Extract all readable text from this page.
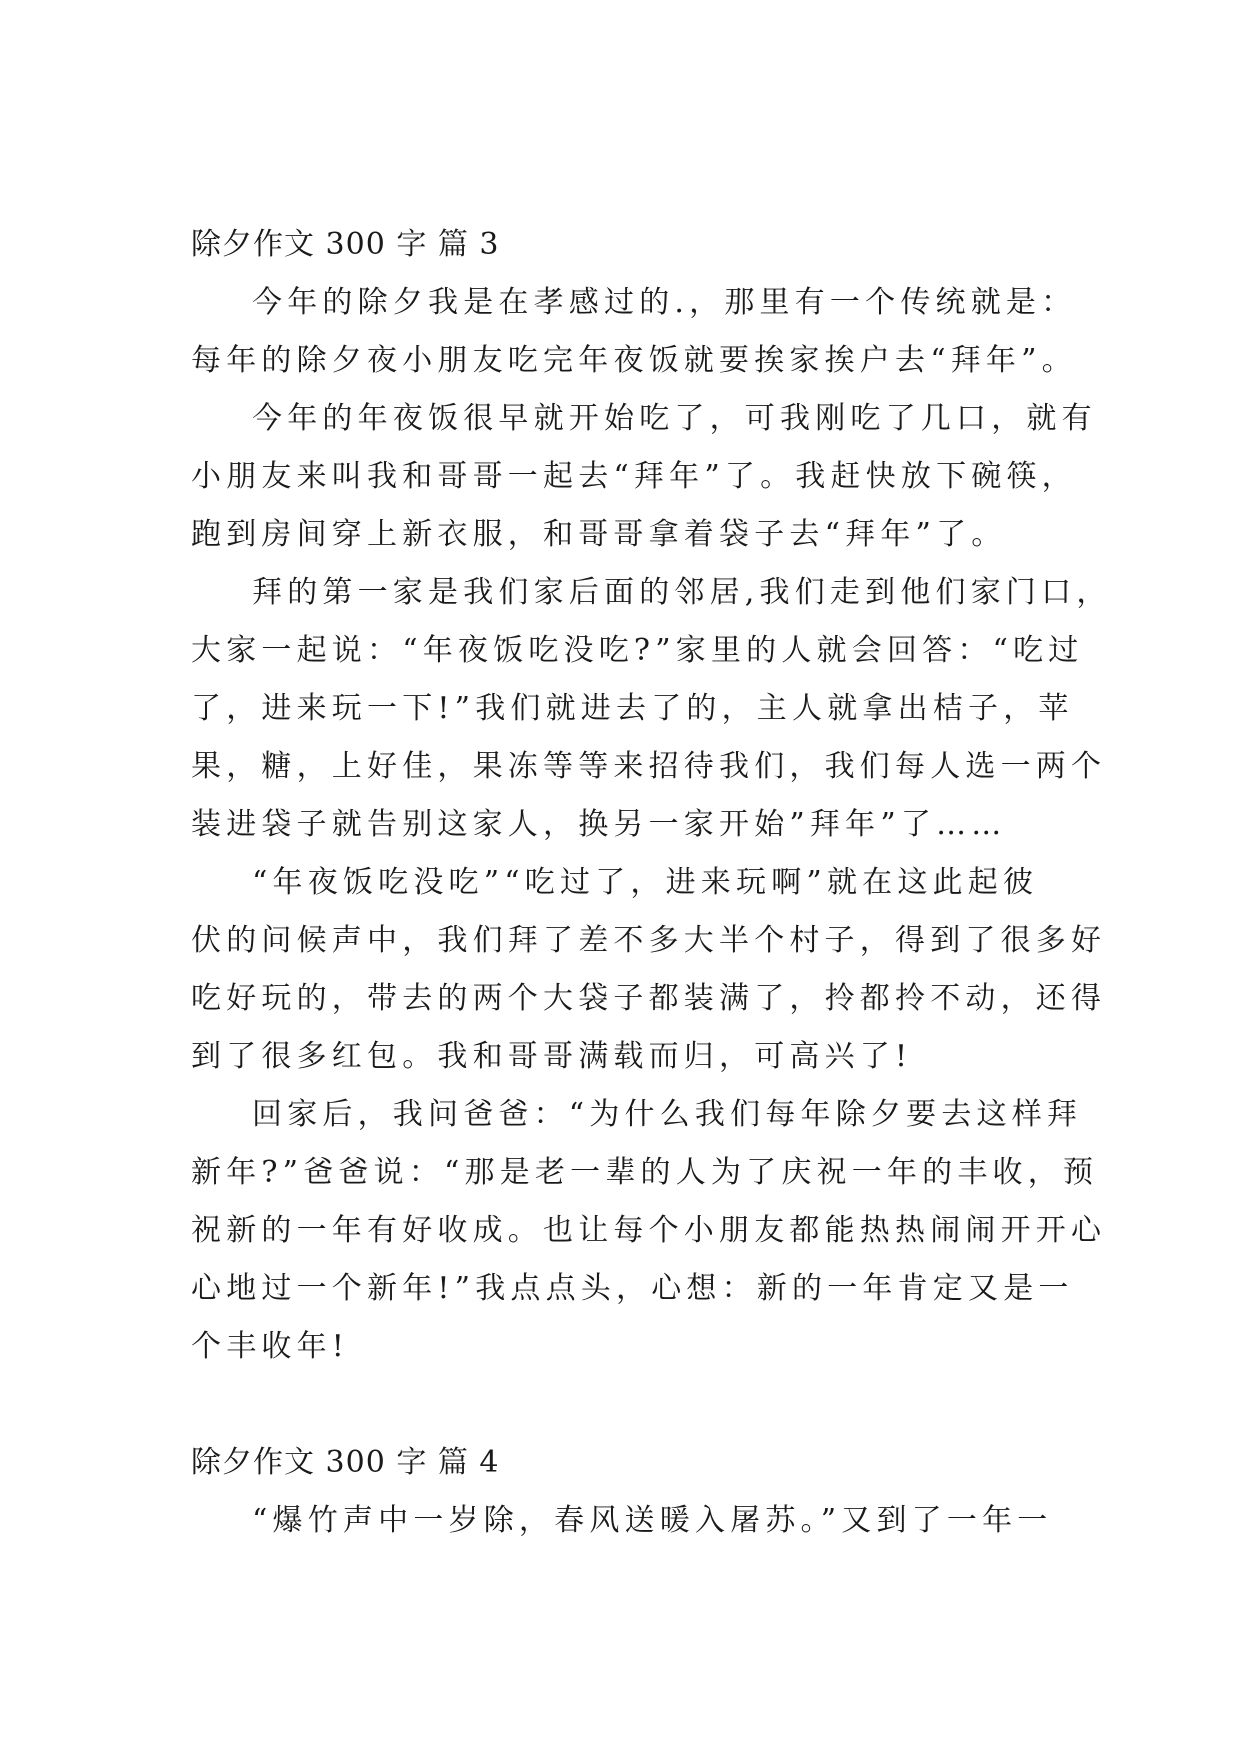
除夕作文 300 字 篇 3
今年的除夕我是在孝感过的.，那里有一个传统就是：
每年的除夕夜小朋友吃完年夜饭就要挨家挨户去“拜年”。
今年的年夜饭很早就开始吃了，可我刚吃了几口，就有
小朋友来叫我和哥哥一起去“拜年”了。我赶快放下碗筷，
跑到房间穿上新衣服，和哥哥拿着袋子去“拜年”了。
拜的第一家是我们家后面的邻居,我们走到他们家门口，
大家一起说：“年夜饭吃没吃?”家里的人就会回答：“吃过
了，进来玩一下!”我们就进去了的，主人就拿出桔子，苹
果，糖，上好佳，果冻等等来招待我们，我们每人选一两个
装进袋子就告别这家人，换另一家开始”拜年”了……
“年夜饭吃没吃”“吃过了，进来玩啊”就在这此起彼
伏的问候声中，我们拜了差不多大半个村子，得到了很多好
吃好玩的，带去的两个大袋子都装满了，拎都拎不动，还得
到了很多红包。我和哥哥满载而归，可高兴了!
回家后，我问爸爸：“为什么我们每年除夕要去这样拜
新年?”爸爸说：“那是老一辈的人为了庆祝一年的丰收，预
祝新的一年有好收成。也让每个小朋友都能热热闹闹开开心
心地过一个新年!”我点点头，心想：新的一年肯定又是一
个丰收年!
除夕作文 300 字 篇 4
“爆竹声中一岁除，春风送暖入屠苏。”又到了一年一
